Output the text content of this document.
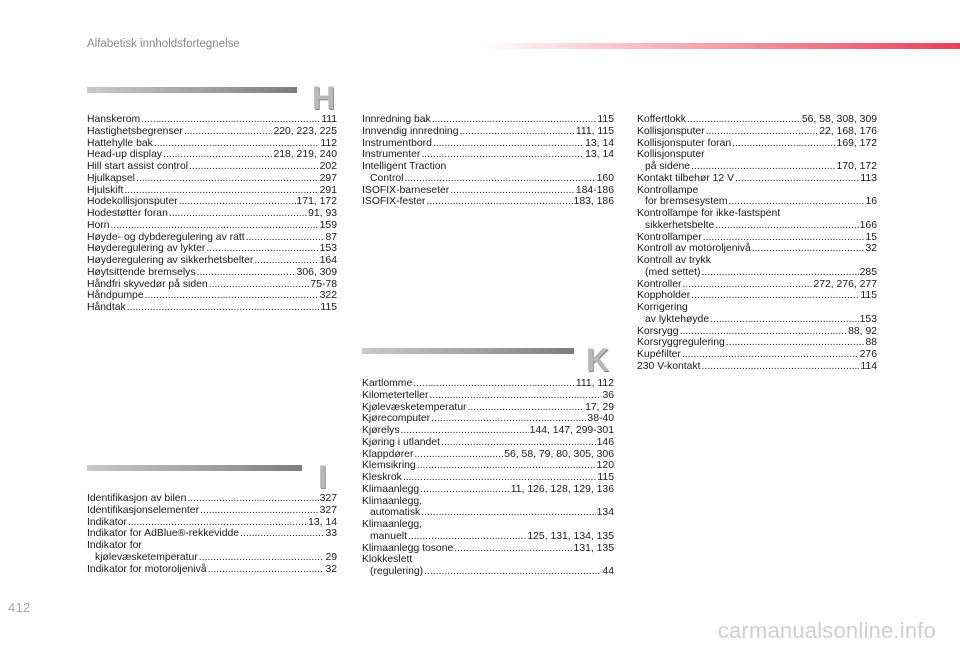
Alfabetisk innholdsfortegnelse
H
Hanskerom .....	111
Hastighetsbegrenser .....	220, 223, 225
Hattehylle bak .....	112
Head-up display .....	218, 219, 240
Hill start assist control .....	202
Hjulkapsel .....	297
Hjulskift .....	291
Hodekollisjonsputer .....	171, 172
Hodestøtter foran .....	91, 93
Horn .....	159
Høyde- og dybderegulering av ratt .....	87
Høyderegulering av lykter .....	153
Høyderegulering av sikkerhetsbelter .....	164
Høytsittende bremselys .....	306, 309
Håndfri skyvedør på siden .....	75-78
Håndpumpe .....	322
Håndtak .....	115
I
Identifikasjon av bilen .....	327
Identifikasjonselementer .....	327
Indikator .....	13, 14
Indikator for AdBlue®-rekkevidde .....	33
Indikator for
kjølevæsketemperatur .....	29
Indikator for motoroljenivå .....	32
Innredning bak .....	115
Innvendig innredning .....	111, 115
Instrumentbord .....	13, 14
Instrumenter .....	13, 14
Intelligent Traction
Control .....	160
ISOFIX-barneseter .....	184-186
ISOFIX-fester .....	183, 186
K
Kartlomme .....	111, 112
Kilometerteller .....	36
Kjølevæsketemperatur .....	17, 29
Kjørecomputer .....	38-40
Kjørelys .....	144, 147, 299-301
Kjøring i utlandet .....	146
Klappdører .....	56, 58, 79, 80, 305, 306
Klemsikring .....	120
Kleskrok .....	115
Klimaanlegg .....	11, 126, 128, 129, 136
Klimaanlegg,
automatisk .....	134
Klimaanlegg,
manuelt .....	125, 131, 134, 135
Klimaanlegg tosone .....	131, 135
Klokkeslett
(regulering) .....	44
Koffertlokk .....	56, 58, 308, 309
Kollisjonsputer .....	22, 168, 176
Kollisjonsputer foran .....	169, 172
Kollisjonsputer
på sidene .....	170, 172
Kontakt tilbehør 12 V .....	113
Kontrollampe
for bremsesystem .....	16
Kontrollampe for ikke-fastspent
sikkerhetsbelte .....	166
Kontrollamper .....	15
Kontroll av motoroljenivå .....	32
Kontroll av trykk
(med settet) .....	285
Kontroller .....	272, 276, 277
Koppholder .....	115
Korrigering
av lyktehøyde .....	153
Korsrygg .....	88, 92
Korsryggregulering .....	88
Kupéfilter .....	276
230 V-kontakt .....	114
412
carmanualsonline.info
